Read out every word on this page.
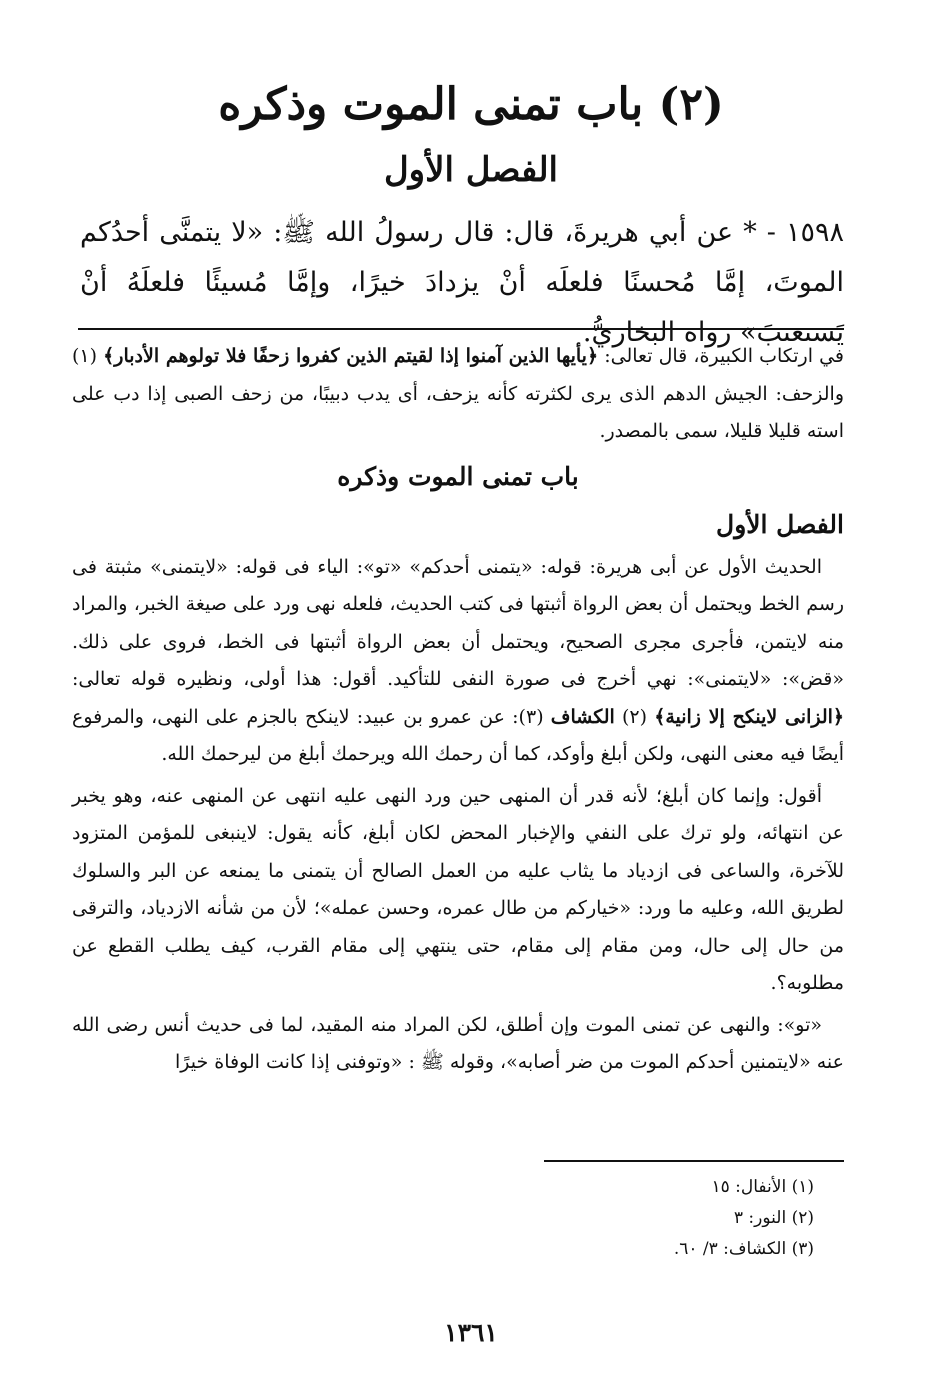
(٢) باب تمنى الموت وذكره
الفصل الأول
١٥٩٨ - * عن أبي هريرةَ، قال: قال رسولُ الله ﷺ: «لا يتمنَّى أحدُكم الموتَ، إمَّا مُحسنًا فلعلَه أنْ يزدادَ خيرًا، وإمَّا مُسيئًا فلعلَهُ أنْ يَستعتبَ» رواه البخاريُّ.

في ارتكاب الكبيرة، قال تعالى: ﴿يأيها الذين آمنوا إذا لقيتم الذين كفروا زحفًا فلا تولوهم الأدبار﴾ (١) والزحف: الجيش الدهم الذى يرى لكثرته كأنه يزحف، أى يدب دبيبًا، من زحف الصبى إذا دب على استه قليلا قليلا، سمى بالمصدر.

باب تمنى الموت وذكره
الفصل الأول

الحديث الأول عن أبى هريرة: قوله: «يتمنى أحدكم» «تو»: الياء فى قوله: «لايتمنى» مثبتة فى رسم الخط ويحتمل أن بعض الرواة أثبتها فى كتب الحديث، فلعله نهى ورد على صيغة الخبر، والمراد منه لايتمن، فأجرى مجرى الصحيح، ويحتمل أن بعض الرواة أثبتها فى الخط، فروى على ذلك. «قض»: «لايتمنى»: نهي أخرج فى صورة النفى للتأكيد. أقول: هذا أولى، ونظيره قوله تعالى: ﴿الزانى لاينكح إلا زانية﴾ (٢) الكشاف (٣): عن عمرو بن عبيد: لاينكح بالجزم على النهى، والمرفوع أيضًا فيه معنى النهى، ولكن أبلغ وأوكد، كما أن رحمك الله ويرحمك أبلغ من ليرحمك الله.

أقول: وإنما كان أبلغ؛ لأنه قدر أن المنهى حين ورد النهى عليه انتهى عن المنهى عنه، وهو يخبر عن انتهائه، ولو ترك على النفي والإخبار المحض لكان أبلغ، كأنه يقول: لاينبغى للمؤمن المتزود للآخرة، والساعى فى ازدياد ما يثاب عليه من العمل الصالح أن يتمنى ما يمنعه عن البر والسلوك لطريق الله، وعليه ما ورد: «خياركم من طال عمره، وحسن عمله»؛ لأن من شأنه الازدياد، والترقى من حال إلى حال، ومن مقام إلى مقام، حتى ينتهي إلى مقام القرب، كيف يطلب القطع عن مطلوبه؟.

«تو»: والنهى عن تمنى الموت وإن أطلق، لكن المراد منه المقيد، لما فى حديث أنس رضى الله عنه «لايتمنين أحدكم الموت من ضر أصابه»، وقوله ﷺ : «وتوفنى إذا كانت الوفاة خيرًا

(١) الأنفال: ١٥
(٢) النور: ٣
(٣) الكشاف: ٣/ ٦٠.
١٣٦١
